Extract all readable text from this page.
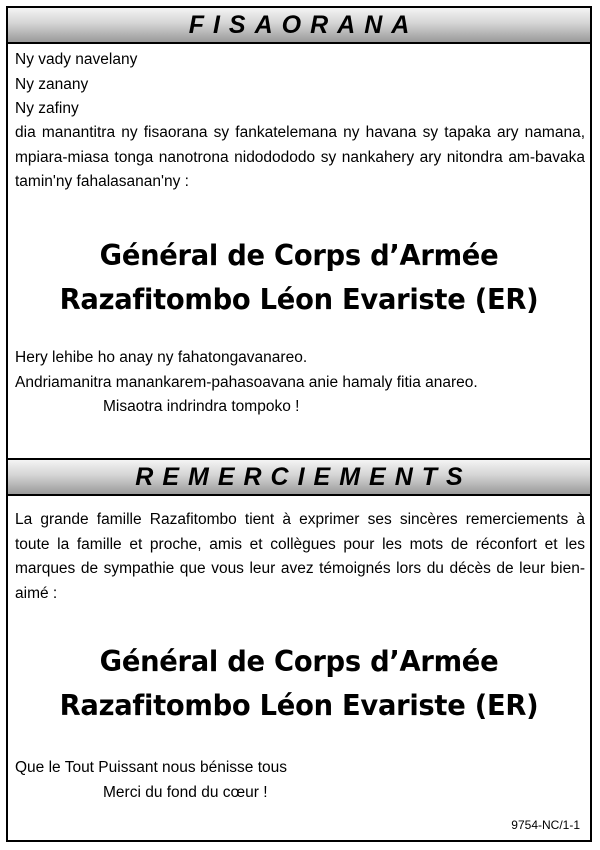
FISAORANA
Ny vady navelany
Ny zanany
Ny zafiny
dia manantitra ny fisaorana sy fankatelemana ny havana sy tapaka ary namana, mpiara-miasa tonga nanotrona nidodododo sy nankahery ary nitondra am-bavaka tamin'ny fahalasanan'ny :
Général de Corps d’Armée
Razafitombo Léon Evariste (ER)
Hery lehibe ho anay ny fahatongavanareo.
Andriamanitra manankarem-pahasoavana anie hamaly fitia anareo.
Misaotra indrindra tompoko !
REMERCIEMENTS
La grande famille Razafitombo tient à exprimer ses sincères remerciements à toute la famille et proche, amis et collègues pour les mots de réconfort et les marques de sympathie que vous leur avez témoignés lors du décès de leur bien-aimé :
Général de Corps d’Armée
Razafitombo Léon Evariste (ER)
Que le Tout Puissant nous bénisse tous
Merci du fond du cœur !
9754-NC/1-1
